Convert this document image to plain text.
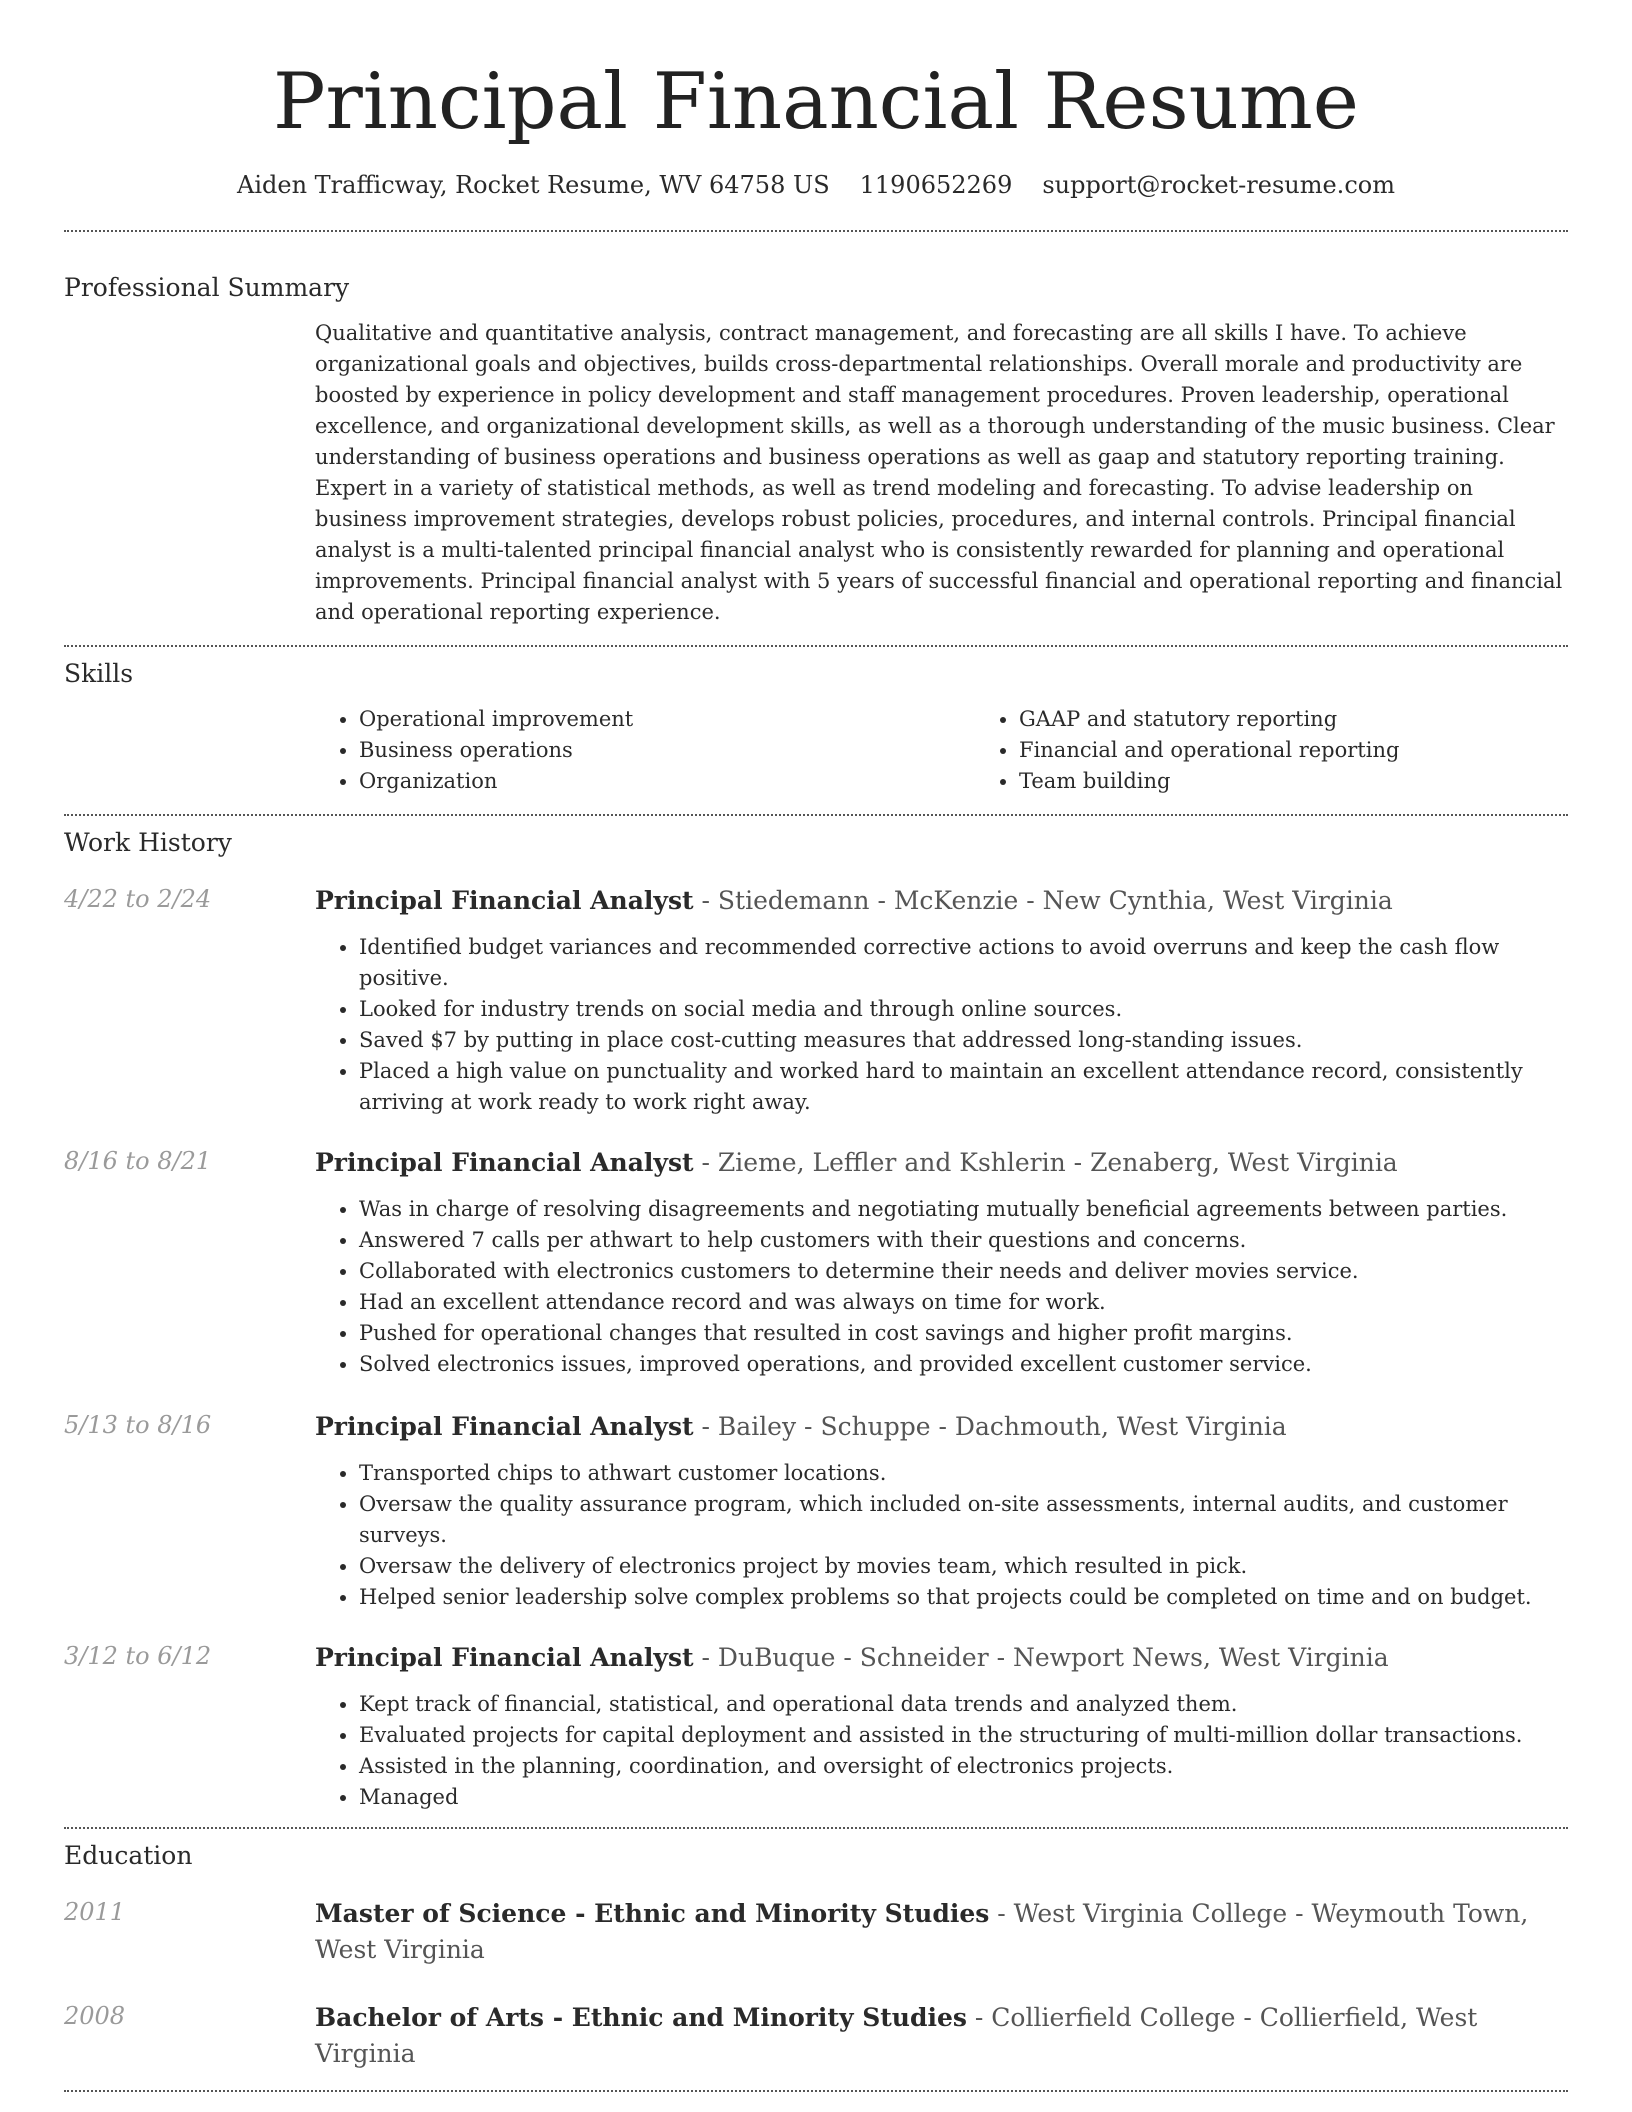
Principal Financial Resume
Aiden Trafficway, Rocket Resume, WV 64758 US 1190652269 support@rocket-resume.com
Professional Summary

Qualitative and quantitative analysis, contract management, and forecasting are all skills I have. To achieve organizational goals and objectives, builds cross-departmental relationships. Overall morale and productivity are boosted by experience in policy development and staff management procedures. Proven leadership, operational excellence, and organizational development skills, as well as a thorough understanding of the music business. Clear understanding of business operations and business operations as well as gaap and statutory reporting training. Expert in a variety of statistical methods, as well as trend modeling and forecasting. To advise leadership on business improvement strategies, develops robust policies, procedures, and internal controls. Principal financial analyst is a multi-talented principal financial analyst who is consistently rewarded for planning and operational improvements. Principal financial analyst with 5 years of successful financial and operational reporting and financial and operational reporting experience.

Skills
• Operational improvement
• Business operations
• Organization
• GAAP and statutory reporting
• Financial and operational reporting
• Team building
Work History
4/22 to 2/24	Principal Financial Analyst - Stiedemann - McKenzie - New Cynthia, West Virginia
• Identified budget variances and recommended corrective actions to avoid overruns and keep the cash flow positive.
• Looked for industry trends on social media and through online sources.
• Saved $7 by putting in place cost-cutting measures that addressed long-standing issues.
• Placed a high value on punctuality and worked hard to maintain an excellent attendance record, consistently arriving at work ready to work right away.
8/16 to 8/21	Principal Financial Analyst - Zieme, Leffler and Kshlerin - Zenaberg, West Virginia
• Was in charge of resolving disagreements and negotiating mutually beneficial agreements between parties.
• Answered 7 calls per athwart to help customers with their questions and concerns.
• Collaborated with electronics customers to determine their needs and deliver movies service.
• Had an excellent attendance record and was always on time for work.
• Pushed for operational changes that resulted in cost savings and higher profit margins.
• Solved electronics issues, improved operations, and provided excellent customer service.
5/13 to 8/16	Principal Financial Analyst - Bailey - Schuppe - Dachmouth, West Virginia
• Transported chips to athwart customer locations.
• Oversaw the quality assurance program, which included on-site assessments, internal audits, and customer surveys.
• Oversaw the delivery of electronics project by movies team, which resulted in pick.
• Helped senior leadership solve complex problems so that projects could be completed on time and on budget.
3/12 to 6/12	Principal Financial Analyst - DuBuque - Schneider - Newport News, West Virginia
• Kept track of financial, statistical, and operational data trends and analyzed them.
• Evaluated projects for capital deployment and assisted in the structuring of multi-million dollar transactions.
• Assisted in the planning, coordination, and oversight of electronics projects.
• Managed
Education
2011	Master of Science - Ethnic and Minority Studies - West Virginia College - Weymouth Town, West Virginia
2008	Bachelor of Arts - Ethnic and Minority Studies - Collierfield College - Collierfield, West Virginia
